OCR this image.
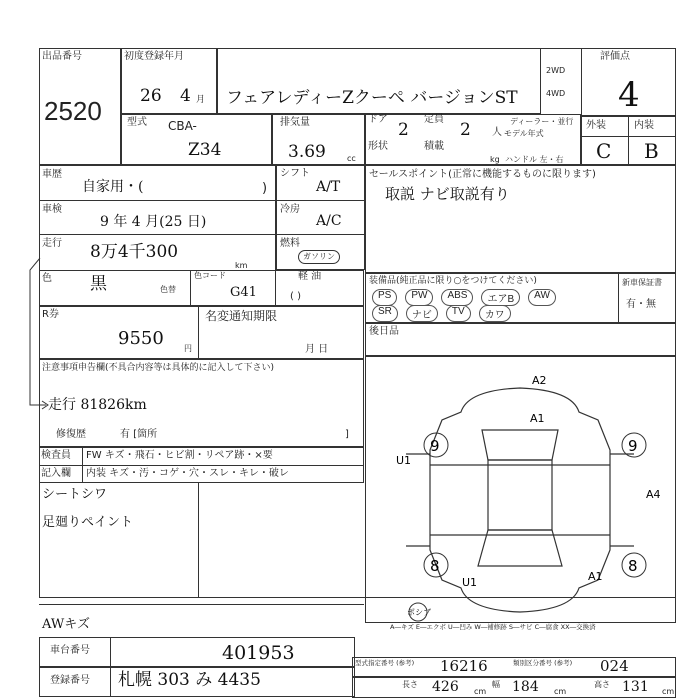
出品番号
2520
初度登録年月
26 4 月 フェアレディーZクーペ バージョンST
2WD
4WD
評価点
4
型式 CBA-
Z34
排気量
3.69	cc
ドア
2
定員
2 人
ディーラー・並行
モデル年式
形状	積載
kg ハンドル 左・右
外装	内装
C B
車歴
自家用・(	)
車検
9 年 4 月(25 日)
走行 8万4千300
km
色 黒	色替
シフト
A/T
冷房
A/C
燃料
ガソリン
軽 油
( )
色コード
G41
セールスポイント(正常に機能するものに限ります)
取説 ナビ取説有り
装備品(純正品に限り○をつけてください)	新車保証書
有・無
PS	PW	ABS	エアB	AW
SR	ナビ	TV	カワ
R券
9550	円
名変通知期限
月 日
後日品
注意事項申告欄(不具合内容等は具体的に記入して下さい)
走行 81826km
修復歴	有 [箇所	]
検査員
記入欄
FW キズ・飛石・ヒビ割・リペア跡・×要
内装 キズ・汚・コゲ・穴・スレ・キレ・破レ
シートシワ
足廻りペイント
AWキズ
9	9
8	8
A2
A1
U1
A4
U1	A1
ポシブ
A―キズ E―エクボ U―凹み W―補修跡 S―サビ C―腐食 XX―交換済
車台番号	401953
登録番号 札幌 303 み 4435
型式指定番号 (参考) 16216	類別区分番号 (参考) 024
長さ 426 cm
幅 184 cm
高さ 131 cm
